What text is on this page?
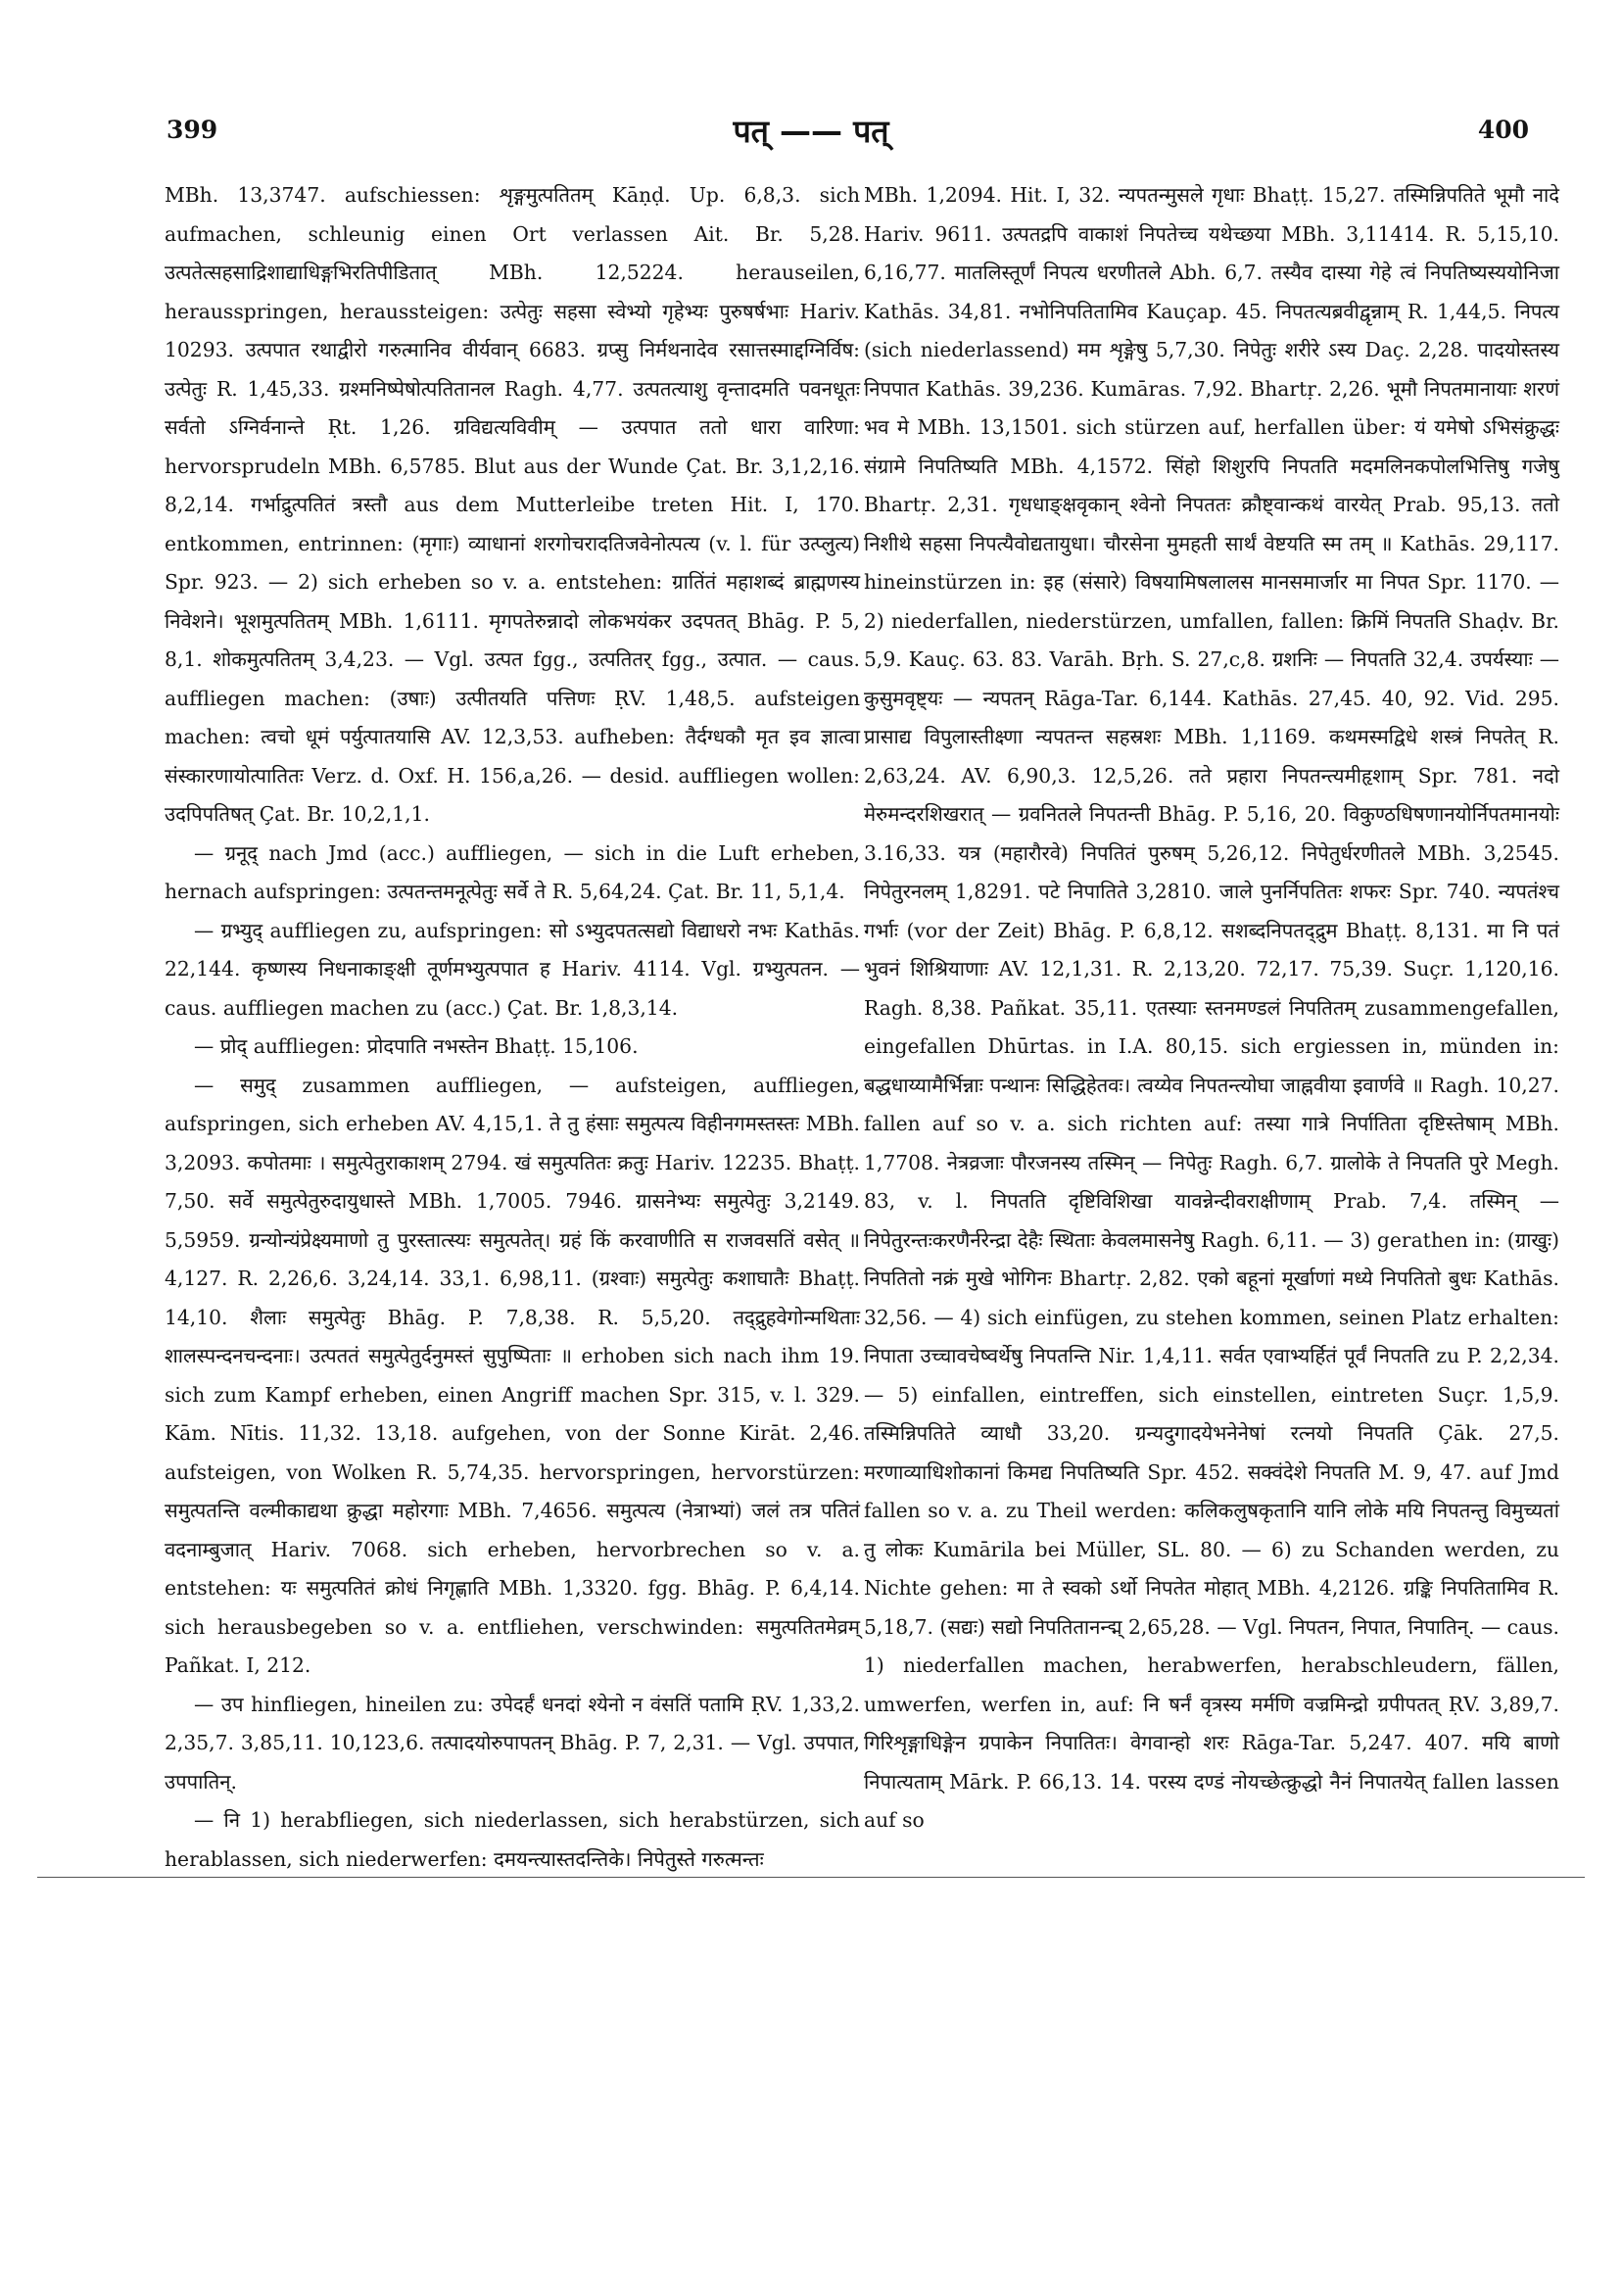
399	पत् —— पत्	400

MBh. 13,3747. aufschiessen: शृङ्गमुत्पतितम् Kāṇḍ. Up. 6,8,3. sich aufmachen, schleunig einen Ort verlassen Ait. Br. 5,28. उत्पतेत्सहसाद्रिशाद्याधिङ्गभिरतिपीडितात् MBh. 12,5224. herauseilen, herausspringen, heraussteigen: उत्पेतुः सहसा स्वेभ्यो गृहेभ्यः पुरुषर्षभाः Hariv. 10293. उत्पपात रथाद्वीरो गरुत्मानिव वीर्यवान् 6683. ग्रप्सु निर्मथनादेव रसात्तस्माद्दग्निर्विष: उत्पेतुः R. 1,45,33. ग्रश्मनिष्पेषोत्पतितानल Ragh. 4,77. उत्पतत्याशु वृन्तादमति पवनधूतः सर्वतो ऽग्निर्वनान्ते Ṛt. 1,26. ग्रविद्यत्यविवीम् — उत्पपात ततो धारा वारिणा: hervorsprudeln MBh. 6,5785. Blut aus der Wunde Çat. Br. 3,1,2,16. 8,2,14. गर्भाद्रुत्पतितं त्रस्तौ aus dem Mutterleibe treten Hit. I, 170. entkommen, entrinnen: (मृगाः) व्याधानां शरगोचरादतिजवेनोत्पत्य (v. l. für उत्प्लुत्य) Spr. 923. — 2) sich erheben so v. a. entstehen: ग्रातिंतं महाशब्दं ब्राह्मणस्य निवेशने। भूशमुत्पतितम् MBh. 1,6111. मृगपतेरुन्नादो लोकभयंकर उदपतत् Bhāg. P. 5, 8,1. शोकमुत्पतितम् 3,4,23. — Vgl. उत्पत fgg., उत्पतितर् fgg., उत्पात. — caus. auffliegen machen: (उषाः) उत्पीतयति पत्तिणः ṚV. 1,48,5. aufsteigen machen: त्वचो धूमं पर्युत्पातयासि AV. 12,3,53. aufheben: तैर्दग्धकौ मृत इव ज्ञात्वा संस्कारणायोत्पातितः Verz. d. Oxf. H. 156,a,26. — desid. auffliegen wollen: उदपिपतिषत् Çat. Br. 10,2,1,1.

— ग्रनूद् nach Jmd (acc.) auffliegen, — sich in die Luft erheben, hernach aufspringen: उत्पतन्तमनूत्पेतुः सर्वे ते R. 5,64,24. Çat. Br. 11, 5,1,4.

— ग्रभ्युद् auffliegen zu, aufspringen: सो ऽभ्युदपतत्सद्यो विद्याधरो नभः Kathās. 22,144. कृष्णस्य निधनाकाङ्क्षी तूर्णमभ्युत्पपात ह Hariv. 4114. Vgl. ग्रभ्युत्पतन. — caus. auffliegen machen zu (acc.) Çat. Br. 1,8,3,14.

— प्रोद् auffliegen: प्रोदपाति नभस्तेन Bhaṭṭ. 15,106.

— समुद् zusammen auffliegen, — aufsteigen, auffliegen, aufspringen, sich erheben AV. 4,15,1. ते तु हंसाः समुत्पत्य विहीनगमस्तस्तः MBh. 3,2093. कपोतमाः । समुत्पेतुराकाशम् 2794. खं समुत्पतितः क्रतुः Hariv. 12235. Bhaṭṭ. 7,50. सर्वे समुत्पेतुरुदायुधास्ते MBh. 1,7005. 7946. ग्रासनेभ्यः समुत्पेतुः 3,2149. 5,5959. ग्रन्योन्यंप्रेक्ष्यमाणो तु पुरस्तात्स्यः समुत्पतेत्। ग्रहं किं करवाणीति स राजवसतिं वसेत् ॥ 4,127. R. 2,26,6. 3,24,14. 33,1. 6,98,11. (ग्रश्वाः) समुत्पेतुः कशाघातैः Bhaṭṭ. 14,10. शैलाः समुत्पेतुः Bhāg. P. 7,8,38. R. 5,5,20. तद्द्रुहवेगोन्मथिताः शालस्पन्दनचन्दनाः। उत्पततं समुत्पेतुर्दनुमस्तं सुपुष्पिताः ॥ erhoben sich nach ihm 19. sich zum Kampf erheben, einen Angriff machen Spr. 315, v. l. 329. Kām. Nītis. 11,32. 13,18. aufgehen, von der Sonne Kirāt. 2,46. aufsteigen, von Wolken R. 5,74,35. hervorspringen, hervorstürzen: समुत्पतन्ति वल्मीकाद्यथा क्रुद्धा महोरगाः MBh. 7,4656. समुत्पत्य (नेत्राभ्यां) जलं तत्र पतितं वदनाम्बुजात् Hariv. 7068. sich erheben, hervorbrechen so v. a. entstehen: यः समुत्पतितं क्रोधं निगृह्णाति MBh. 1,3320. fgg. Bhāg. P. 6,4,14. sich herausbegeben so v. a. entfliehen, verschwinden: समुत्पतितमेव्रम् Pañkat. I, 212.

— उप hinfliegen, hineilen zu: उपेदर्हं धनदां श्येनो न वंसतिं पतामि ṚV. 1,33,2. 2,35,7. 3,85,11. 10,123,6. तत्पादयोरुपापतन् Bhāg. P. 7, 2,31. — Vgl. उपपात, उपपातिन्.

— नि 1) herabfliegen, sich niederlassen, sich herabstürzen, sich herablassen, sich niederwerfen: दमयन्त्यास्तदन्तिके। निपेतुस्ते गरुत्मन्तः

MBh. 1,2094. Hit. I, 32. न्यपतन्मुसले गृधाः Bhaṭṭ. 15,27. तस्मिन्निपतिते भूमौ नादे Hariv. 9611. उत्पतद्रपि वाकाशं निपतेच्च यथेच्छया MBh. 3,11414. R. 5,15,10. 6,16,77. मातलिस्तूर्णं निपत्य धरणीतले Abh. 6,7. तस्यैव दास्या गेहे त्वं निपतिष्यस्ययोनिजा Kathās. 34,81. नभोनिपतितामिव Kauçap. 45. निपतत्यब्रवीद्वृन्नाम् R. 1,44,5. निपत्य (sich niederlassend) मम शृङ्गेषु 5,7,30. निपेतुः शरीरे ऽस्य Daç. 2,28. पादयोस्तस्य निपपात Kathās. 39,236. Kumāras. 7,92. Bhartṛ. 2,26. भूमौ निपतमानायाः शरणं भव मे MBh. 13,1501. sich stürzen auf, herfallen über: यं यमेषो ऽभिसंक्रुद्धः संग्रामे निपतिष्यति MBh. 4,1572. सिंहो शिशुरपि निपतति मदमलिनकपोलभित्तिषु गजेषु Bhartṛ. 2,31. गृधधाङ्क्षवृकान् श्वेनो निपततः क्रौष्ट्वान्कथं वारयेत् Prab. 95,13. ततो निशीथे सहसा निपत्यैवोद्यतायुधा। चौरसेना मुमहती सार्थं वेष्टयति स्म तम् ॥ Kathās. 29,117. hineinstürzen in: इह (संसारे) विषयामिषलालस मानसमार्जार मा निपत Spr. 1170. — 2) niederfallen, niederstürzen, umfallen, fallen: क्रिमिं निपतति Shaḍv. Br. 5,9. Kauç. 63. 83. Varāh. Bṛh. S. 27,c,8. ग्रशनिः — निपतति 32,4. उपर्यस्याः — कुसुमवृष्ट्यः — न्यपतन् Rāga-Tar. 6,144. Kathās. 27,45. 40, 92. Vid. 295. प्रासाद्य विपुलास्तीक्ष्णा न्यपतन्त सहस्रशः MBh. 1,1169. कथमस्मद्विधे शस्त्रं निपतेत् R. 2,63,24. AV. 6,90,3. 12,5,26. तते प्रहारा निपतन्त्यमीहृशाम् Spr. 781. नदो मेरुमन्दरशिखरात् — ग्रवनितले निपतन्ती Bhāg. P. 5,16, 20. विकुण्ठधिषणानयोर्निपतमानयोः 3.16,33. यत्र (महारौरवे) निपतितं पुरुषम् 5,26,12. निपेतुर्धरणीतले MBh. 3,2545. निपेतुरनलम् 1,8291. पटे निपातिते 3,2810. जाले पुनर्निपतितः शफरः Spr. 740. न्यपतंश्च गर्भाः (vor der Zeit) Bhāg. P. 6,8,12. सशब्दनिपतद्द्रुम Bhaṭṭ. 8,131. मा नि पतं भुवनं शिश्रियाणाः AV. 12,1,31. R. 2,13,20. 72,17. 75,39. Suçr. 1,120,16. Ragh. 8,38. Pañkat. 35,11. एतस्याः स्तनमण्डलं निपतितम् zusammengefallen, eingefallen Dhūrtas. in I.A. 80,15. sich ergiessen in, münden in: बद्धधाय्यामैर्भिन्नाः पन्थानः सिद्धिहेतवः। त्वय्येव निपतन्त्योघा जाह्नवीया इवार्णवे ॥ Ragh. 10,27. fallen auf so v. a. sich richten auf: तस्या गात्रे निर्पातिता दृष्टिस्तेषाम् MBh. 1,7708. नेत्रव्रजाः पौरजनस्य तस्मिन् — निपेतुः Ragh. 6,7. ग्रालोके ते निपतति पुरे Megh. 83, v. l. निपतति दृष्टिविशिखा यावन्नेन्दीवराक्षीणाम् Prab. 7,4. तस्मिन् — निपेतुरन्तःकरणैर्नरेन्द्रा देहैः स्थिताः केवलमासनेषु Ragh. 6,11. — 3) gerathen in: (ग्राखुः) निपतितो नक्रं मुखे भोगिनः Bhartṛ. 2,82. एको बहूनां मूर्खाणां मध्ये निपतितो बुधः Kathās. 32,56. — 4) sich einfügen, zu stehen kommen, seinen Platz erhalten: निपाता उच्चावचेष्वर्थेषु निपतन्ति Nir. 1,4,11. सर्वत एवाभ्यर्हितं पूर्वं निपतति zu P. 2,2,34. — 5) einfallen, eintreffen, sich einstellen, eintreten Suçr. 1,5,9. तस्मिन्निपतिते व्याधौ 33,20. ग्रन्यदुगादयेभनेनेषां रत्नयो निपतति Çāk. 27,5. मरणाव्याधिशोकानां किमद्य निपतिष्यति Spr. 452. सक्वंदेशे निपतति M. 9, 47. auf Jmd fallen so v. a. zu Theil werden: कलिकलुषकृतानि यानि लोके मयि निपतन्तु विमुच्यतां तु लोकः Kumārila bei Müller, SL. 80. — 6) zu Schanden werden, zu Nichte gehen: मा ते स्वको ऽर्थो निपतेत मोहात् MBh. 4,2126. ग्रङ्कि निपतितामिव R. 5,18,7. (सद्यः) सद्यो निपतितानन्द्म् 2,65,28. — Vgl. निपतन, निपात, निपातिन्. — caus. 1) niederfallen machen, herabwerfen, herabschleudern, fällen, umwerfen, werfen in, auf: नि षर्नं वृत्रस्य मर्मणि वज्रमिन्द्रो ग्रपीपतत् ṚV. 3,89,7. गिरिशृङ्गाधिङ्गेन ग्रपाकेन निपातितः। वेगवान्हो शरः Rāga-Tar. 5,247. 407. मयि बाणो निपात्यताम् Mārk. P. 66,13. 14. परस्य दण्डं नोयच्छेत्क्रुद्धो नैनं निपातयेत् fallen lassen auf so
